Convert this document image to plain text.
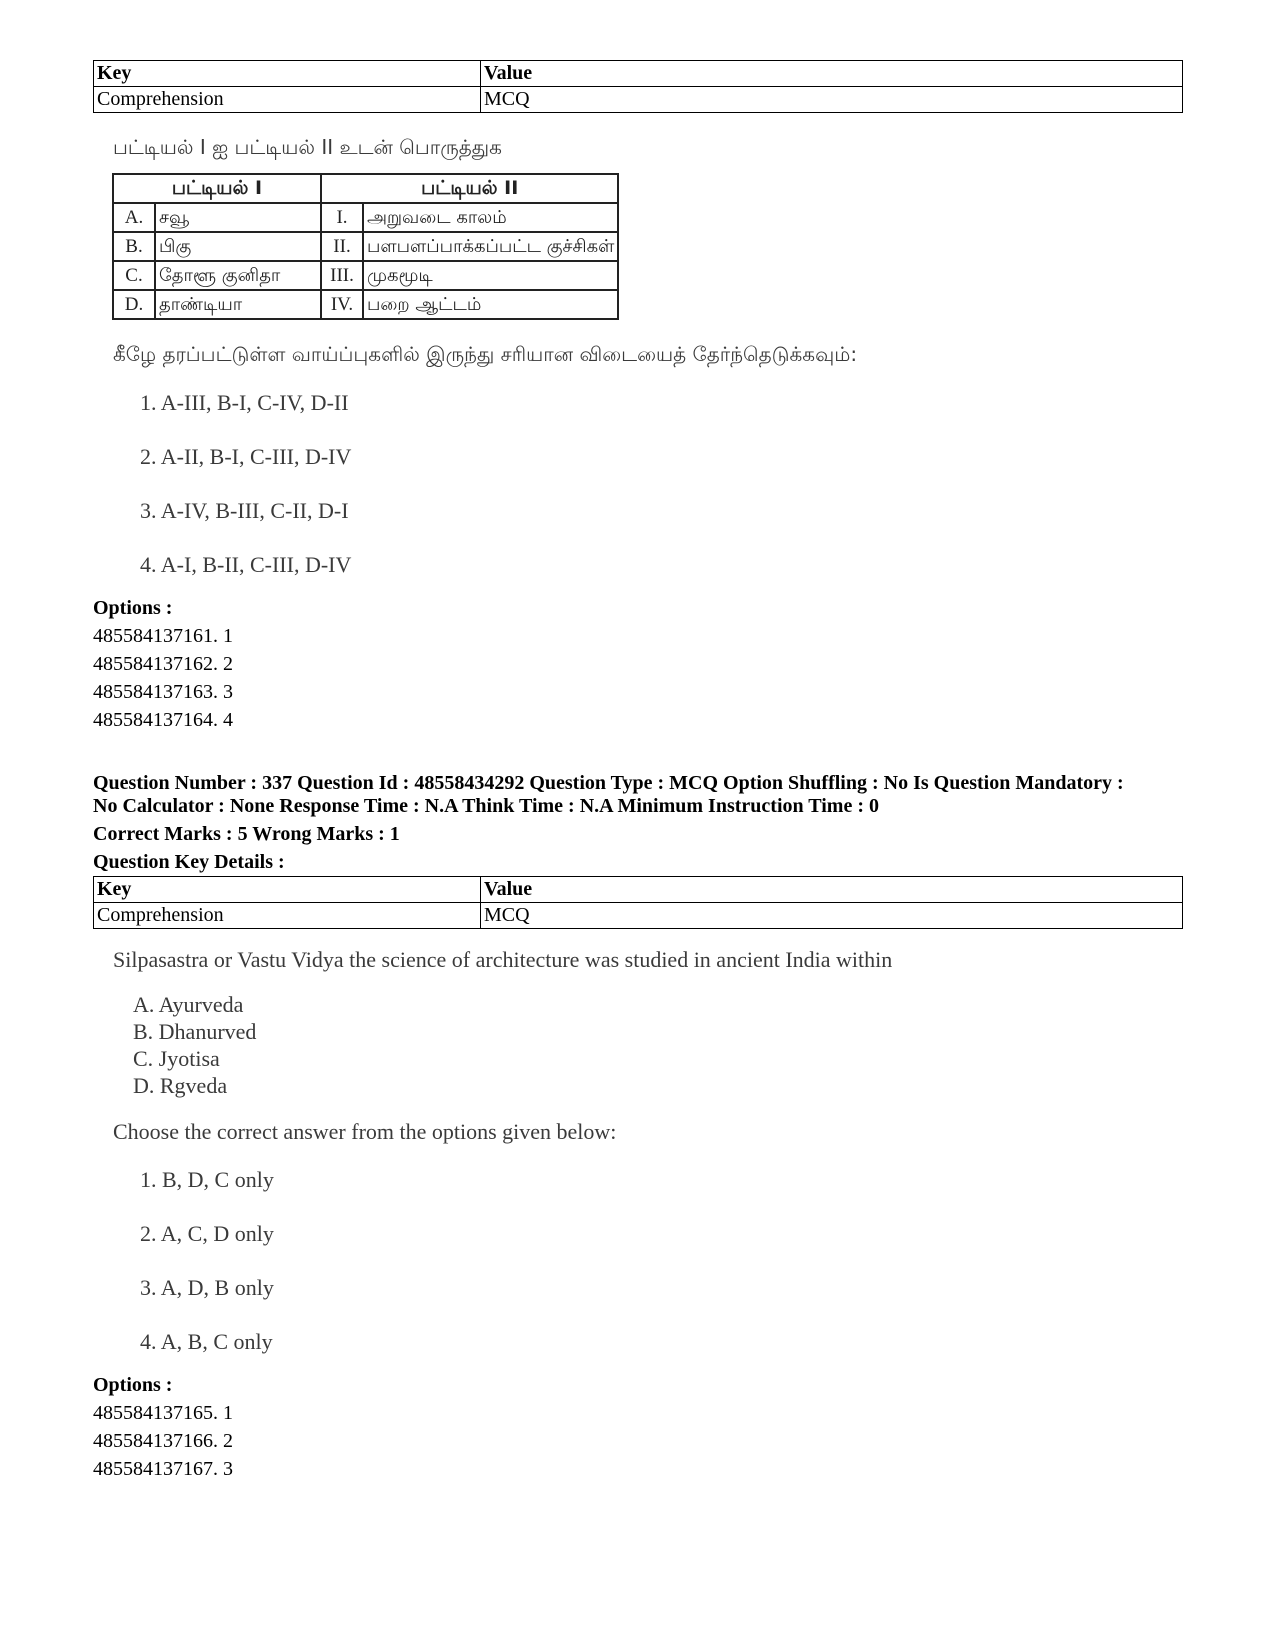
Key	Value
Comprehension	MCQ
பட்டியல் I ஐ பட்டியல் II உடன் பொருத்துக
பட்டியல் I		பட்டியல் II	
A.	சவூ	I.	அறுவடை காலம்
B.	பிகு	II.	பளபளப்பாக்கப்பட்ட குச்சிகள்
C.	தோளூ குனிதா	III.	முகமூடி
D.	தாண்டியா	IV.	பறை ஆட்டம்
கீழே தரப்பட்டுள்ள வாய்ப்புகளில் இருந்து சரியான விடையைத் தேர்ந்தெடுக்கவும்:
1. A-III, B-I, C-IV, D-II
2. A-II, B-I, C-III, D-IV
3. A-IV, B-III, C-II, D-I
4. A-I, B-II, C-III, D-IV
Options :
485584137161. 1
485584137162. 2
485584137163. 3
485584137164. 4
Question Number : 337 Question Id : 48558434292 Question Type : MCQ Option Shuffling : No Is Question Mandatory :
No Calculator : None Response Time : N.A Think Time : N.A Minimum Instruction Time : 0
Correct Marks : 5 Wrong Marks : 1
Question Key Details :
Key	Value
Comprehension	MCQ
Silpasastra or Vastu Vidya the science of architecture was studied in ancient India within
A. Ayurveda
B. Dhanurved
C. Jyotisa
D. Rgveda
Choose the correct answer from the options given below:
1. B, D, C only
2. A, C, D only
3. A, D, B only
4. A, B, C only
Options :
485584137165. 1
485584137166. 2
485584137167. 3
